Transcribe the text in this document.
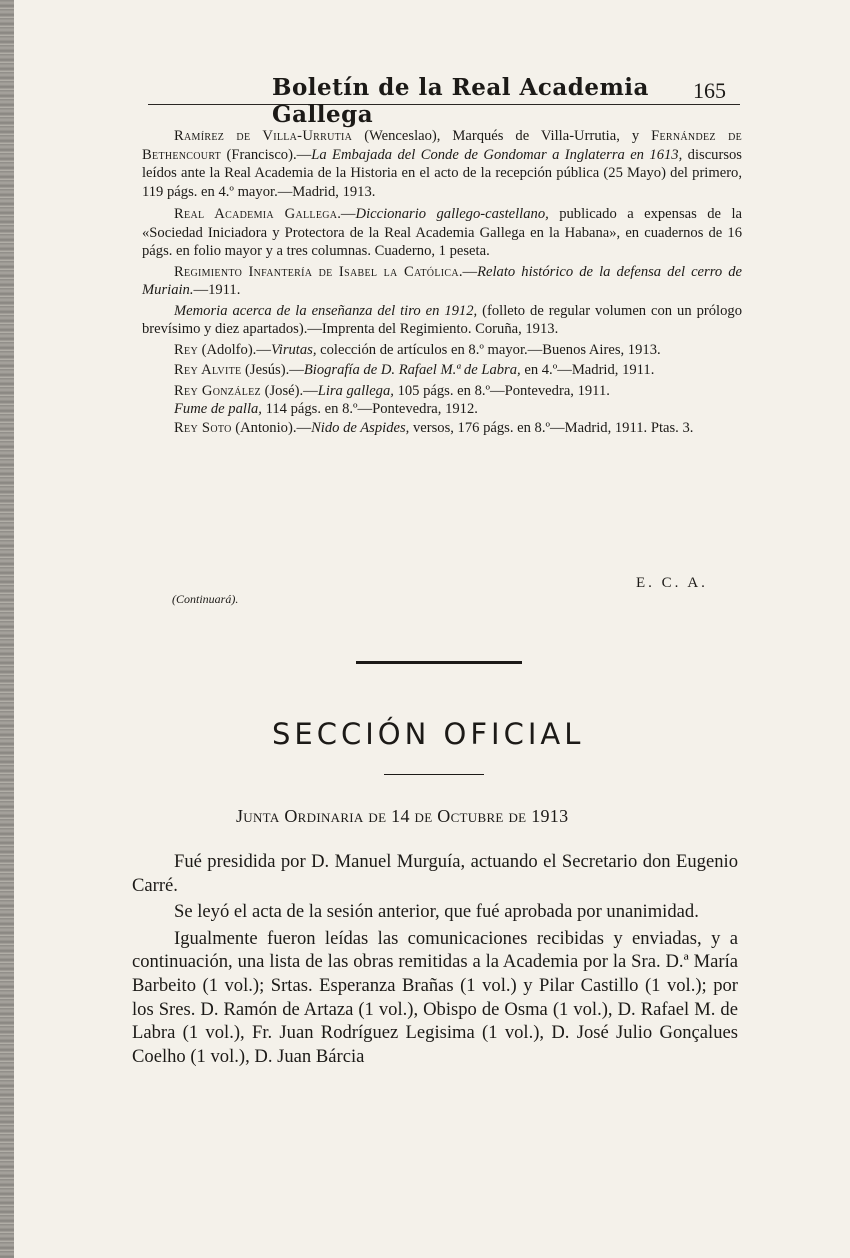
Boletín de la Real Academia Gallega
165

Ramírez de Villa-Urrutia (Wenceslao), Marqués de Villa-Urrutia, y Fernández de Bethencourt (Francisco).—La Embajada del Conde de Gondomar a Inglaterra en 1613, discursos leídos ante la Real Academia de la Historia en el acto de la recepción pública (25 Mayo) del primero, 119 págs. en 4.º mayor.—Madrid, 1913.

Real Academia Gallega.—Diccionario gallego-castellano, publicado a expensas de la «Sociedad Iniciadora y Protectora de la Real Academia Gallega en la Habana», en cuadernos de 16 págs. en folio mayor y a tres columnas. Cuaderno, 1 peseta.

Regimiento Infantería de Isabel la Católica.—Relato histórico de la defensa del cerro de Muriain.—1911.

Memoria acerca de la enseñanza del tiro en 1912, (folleto de regular volumen con un prólogo brevísimo y diez apartados).—Imprenta del Regimiento. Coruña, 1913.

Rey (Adolfo).—Virutas, colección de artículos en 8.º mayor.—Buenos Aires, 1913.

Rey Alvite (Jesús).—Biografía de D. Rafael M.ª de Labra, en 4.º—Madrid, 1911.

Rey González (José).—Lira gallega, 105 págs. en 8.º—Pontevedra, 1911.

Fume de palla, 114 págs. en 8.º—Pontevedra, 1912.

Rey Soto (Antonio).—Nido de Aspides, versos, 176 págs. en 8.º—Madrid, 1911. Ptas. 3.

E. C. A.
(Continuará).
SECCIÓN OFICIAL
Junta Ordinaria de 14 de Octubre de 1913

Fué presidida por D. Manuel Murguía, actuando el Secretario don Eugenio Carré.

Se leyó el acta de la sesión anterior, que fué aprobada por unanimidad.

Igualmente fueron leídas las comunicaciones recibidas y enviadas, y a continuación, una lista de las obras remitidas a la Academia por la Sra. D.ª María Barbeito (1 vol.); Srtas. Esperanza Brañas (1 vol.) y Pilar Castillo (1 vol.); por los Sres. D. Ramón de Artaza (1 vol.), Obispo de Osma (1 vol.), D. Rafael M. de Labra (1 vol.), Fr. Juan Rodríguez Legisima (1 vol.), D. José Julio Gonçalues Coelho (1 vol.), D. Juan Bárcia
